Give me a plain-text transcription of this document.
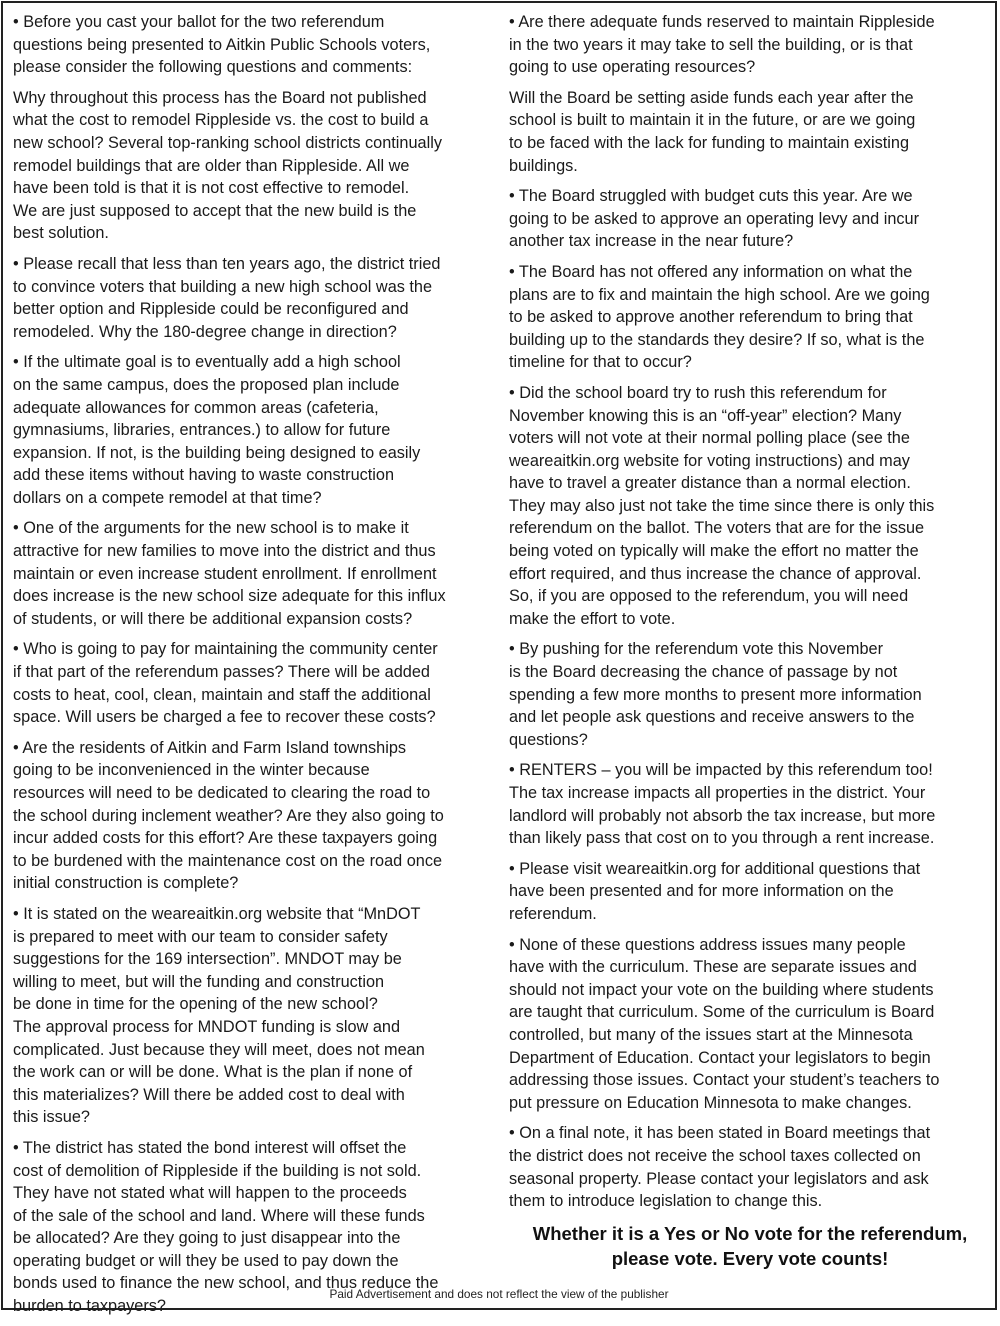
• Before you cast your ballot for the two referendum
questions being presented to Aitkin Public Schools voters,
please consider the following questions and comments:

Why throughout this process has the Board not published
what the cost to remodel Rippleside vs. the cost to build a
new school? Several top-ranking school districts continually
remodel buildings that are older than Rippleside. All we
have been told is that it is not cost effective to remodel.
We are just supposed to accept that the new build is the
best solution.

• Please recall that less than ten years ago, the district tried
to convince voters that building a new high school was the
better option and Rippleside could be reconfigured and
remodeled. Why the 180-degree change in direction?

• If the ultimate goal is to eventually add a high school
on the same campus, does the proposed plan include
adequate allowances for common areas (cafeteria,
gymnasiums, libraries, entrances.) to allow for future
expansion. If not, is the building being designed to easily
add these items without having to waste construction
dollars on a compete remodel at that time?

• One of the arguments for the new school is to make it
attractive for new families to move into the district and thus
maintain or even increase student enrollment. If enrollment
does increase is the new school size adequate for this influx
of students, or will there be additional expansion costs?

• Who is going to pay for maintaining the community center
if that part of the referendum passes? There will be added
costs to heat, cool, clean, maintain and staff the additional
space. Will users be charged a fee to recover these costs?

• Are the residents of Aitkin and Farm Island townships
going to be inconvenienced in the winter because
resources will need to be dedicated to clearing the road to
the school during inclement weather? Are they also going to
incur added costs for this effort? Are these taxpayers going
to be burdened with the maintenance cost on the road once
initial construction is complete?

• It is stated on the weareaitkin.org website that “MnDOT
is prepared to meet with our team to consider safety
suggestions for the 169 intersection”. MNDOT may be
willing to meet, but will the funding and construction
be done in time for the opening of the new school?
The approval process for MNDOT funding is slow and
complicated. Just because they will meet, does not mean
the work can or will be done. What is the plan if none of
this materializes? Will there be added cost to deal with
this issue?

• The district has stated the bond interest will offset the
cost of demolition of Rippleside if the building is not sold.
They have not stated what will happen to the proceeds
of the sale of the school and land. Where will these funds
be allocated? Are they going to just disappear into the
operating budget or will they be used to pay down the
bonds used to finance the new school, and thus reduce the
burden to taxpayers?

• Are there adequate funds reserved to maintain Rippleside
in the two years it may take to sell the building, or is that
going to use operating resources?

Will the Board be setting aside funds each year after the
school is built to maintain it in the future, or are we going
to be faced with the lack for funding to maintain existing
buildings.

• The Board struggled with budget cuts this year. Are we
going to be asked to approve an operating levy and incur
another tax increase in the near future?

• The Board has not offered any information on what the
plans are to fix and maintain the high school. Are we going
to be asked to approve another referendum to bring that
building up to the standards they desire? If so, what is the
timeline for that to occur?

• Did the school board try to rush this referendum for
November knowing this is an “off-year” election? Many
voters will not vote at their normal polling place (see the
weareaitkin.org website for voting instructions) and may
have to travel a greater distance than a normal election.
They may also just not take the time since there is only this
referendum on the ballot. The voters that are for the issue
being voted on typically will make the effort no matter the
effort required, and thus increase the chance of approval.
So, if you are opposed to the referendum, you will need
make the effort to vote.

• By pushing for the referendum vote this November
is the Board decreasing the chance of passage by not
spending a few more months to present more information
and let people ask questions and receive answers to the
questions?

• RENTERS – you will be impacted by this referendum too!
The tax increase impacts all properties in the district. Your
landlord will probably not absorb the tax increase, but more
than likely pass that cost on to you through a rent increase.

• Please visit weareaitkin.org for additional questions that
have been presented and for more information on the
referendum.

• None of these questions address issues many people
have with the curriculum. These are separate issues and
should not impact your vote on the building where students
are taught that curriculum. Some of the curriculum is Board
controlled, but many of the issues start at the Minnesota
Department of Education. Contact your legislators to begin
addressing those issues. Contact your student’s teachers to
put pressure on Education Minnesota to make changes.

• On a final note, it has been stated in Board meetings that
the district does not receive the school taxes collected on
seasonal property. Please contact your legislators and ask
them to introduce legislation to change this.

Whether it is a Yes or No vote for the referendum,
please vote. Every vote counts!
Paid Advertisement and does not reflect the view of the publisher
